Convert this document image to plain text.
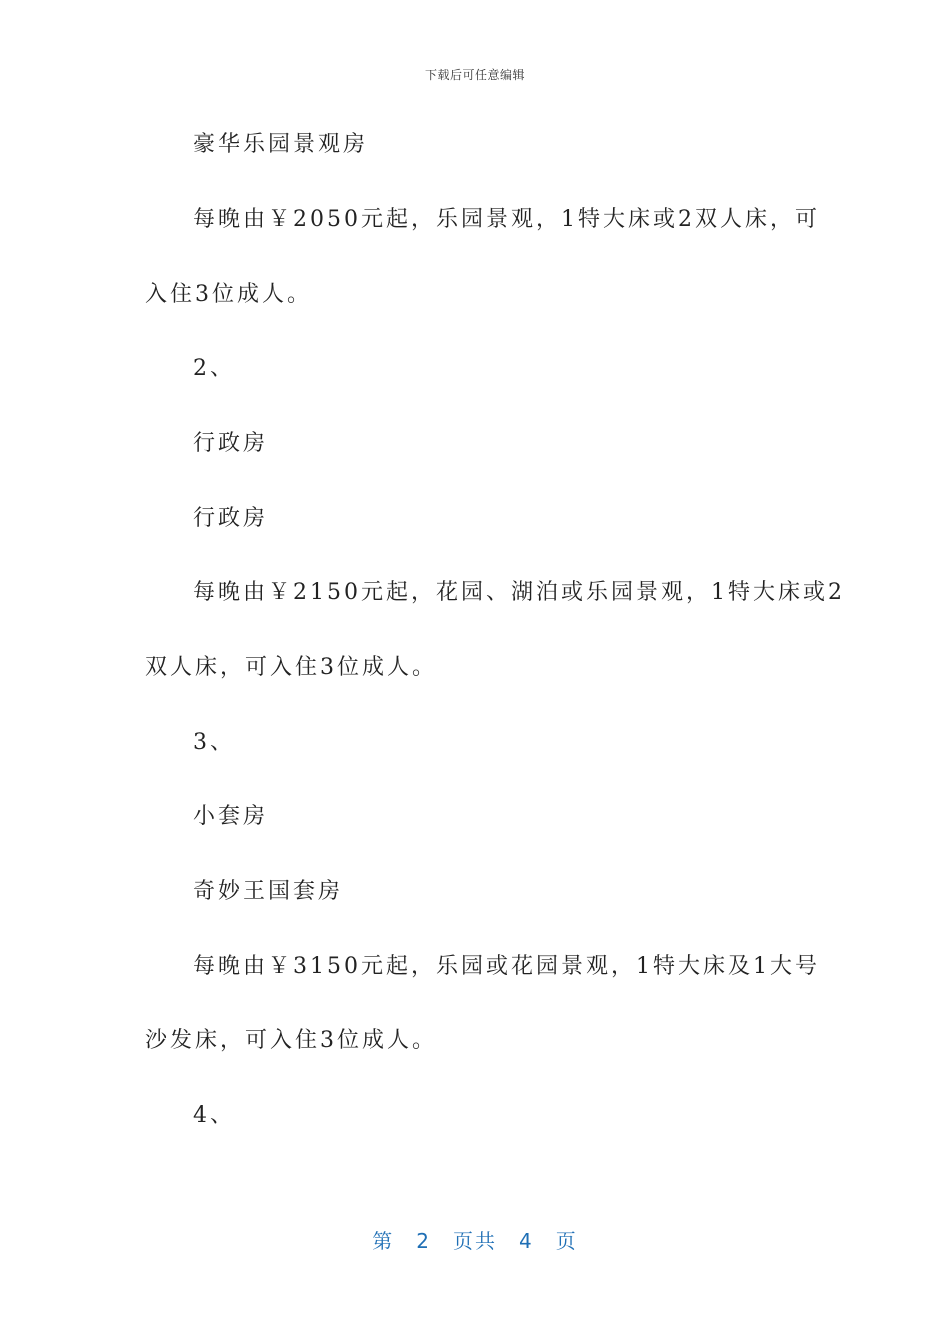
下载后可任意编辑
豪华乐园景观房
每晚由￥2050元起，乐园景观，1特大床或2双人床，可
入住3位成人。
2、
行政房
行政房
每晚由￥2150元起，花园、湖泊或乐园景观，1特大床或2
双人床，可入住3位成人。
3、
小套房
奇妙王国套房
每晚由￥3150元起，乐园或花园景观，1特大床及1大号
沙发床，可入住3位成人。
4、
第 2 页共 4 页
